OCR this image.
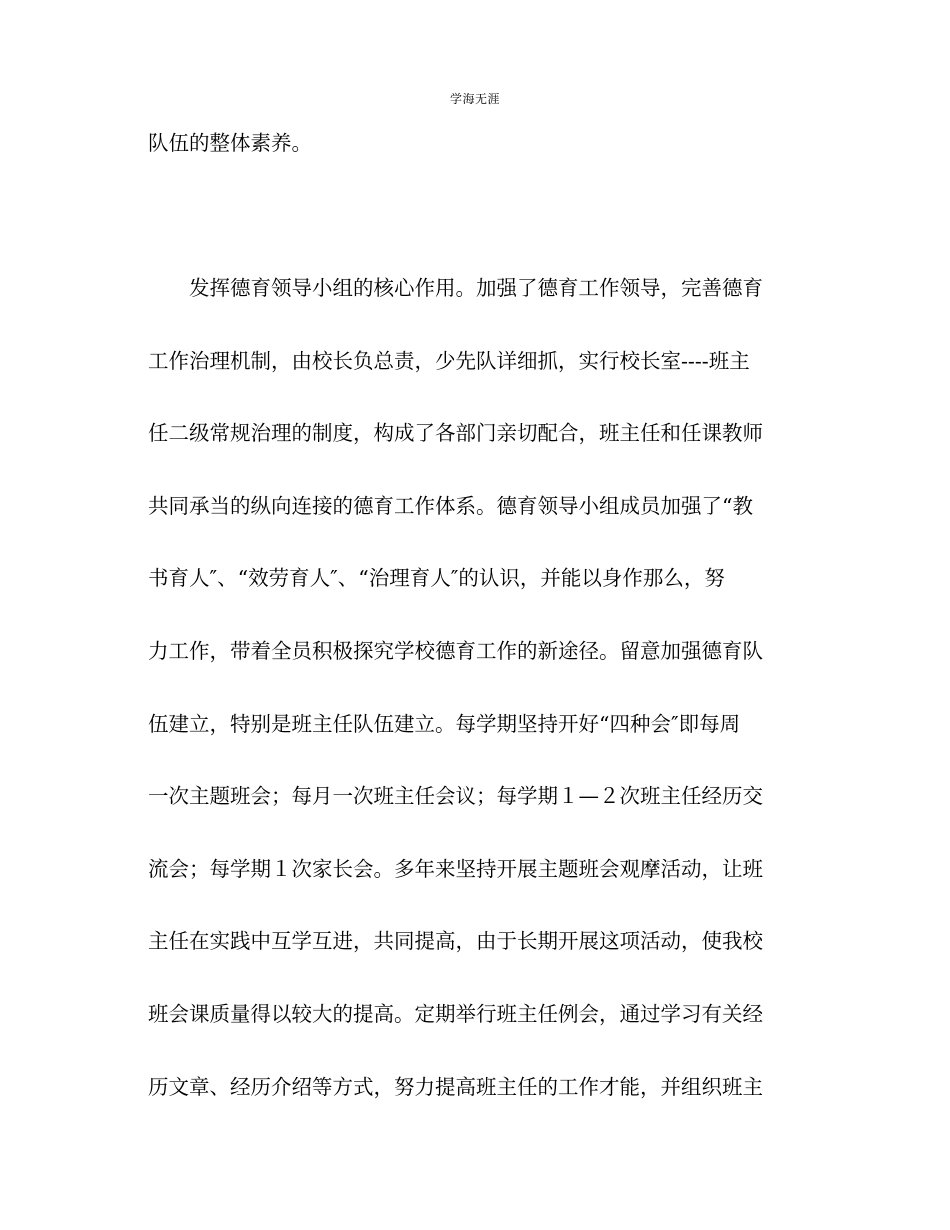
学海无涯
队伍的整体素养。
　　发挥德育领导小组的核心作用。加强了德育工作领导，完善德育
工作治理机制，由校长负总责，少先队详细抓，实行校长室----班主
任二级常规治理的制度，构成了各部门亲切配合，班主任和任课教师
共同承当的纵向连接的德育工作体系。德育领导小组成员加强了“教
书育人″、“效劳育人″、“治理育人″的认识，并能以身作那么，努
力工作，带着全员积极探究学校德育工作的新途径。留意加强德育队
伍建立，特别是班主任队伍建立。每学期坚持开好“四种会″即每周
一次主题班会；每月一次班主任会议；每学期１—２次班主任经历交
流会；每学期１次家长会。多年来坚持开展主题班会观摩活动，让班
主任在实践中互学互进，共同提高，由于长期开展这项活动，使我校
班会课质量得以较大的提高。定期举行班主任例会，通过学习有关经
历文章、经历介绍等方式，努力提高班主任的工作才能，并组织班主
